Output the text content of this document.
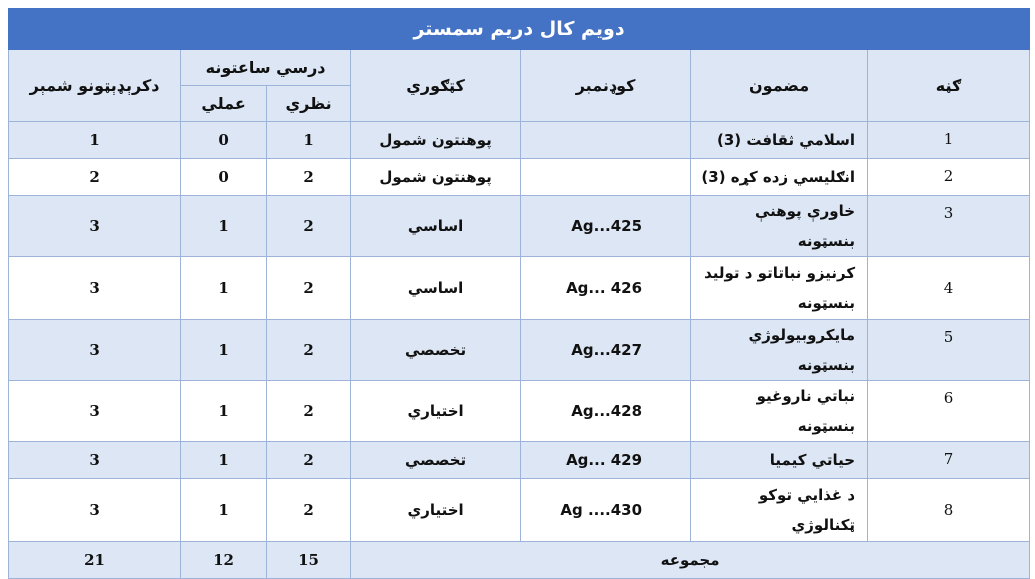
دويم کال دريم سمستر						
ګڼه	مضمون	کوډنمبر	کټګوري	درسي ساعتونه		دکرېډېټونو شمېر
				نظري	عملي	
1	اسلامي ثقافت (3)		پوهنتون شمول	1	0	1
2	انګليسي زده کړه (3)		پوهنتون شمول	2	0	2
3	خاورې پوهنې بنسټونه	Ag...425	اساسي	2	1	3
4	کرنيزو نباتاتو د توليد بنسټونه	Ag... 426	اساسي	2	1	3
5	مايکروبيولوژي بنسټونه	Ag...427	تخصصي	2	1	3
6	نباتي ناروغيو بنسټونه	Ag...428	اختياري	2	1	3
7	حياتي کيميا	Ag... 429	تخصصي	2	1	3
8	د غذايي توکو ټکنالوژي	Ag ....430	اختياري	2	1	3
مجموعه				15	12	21
